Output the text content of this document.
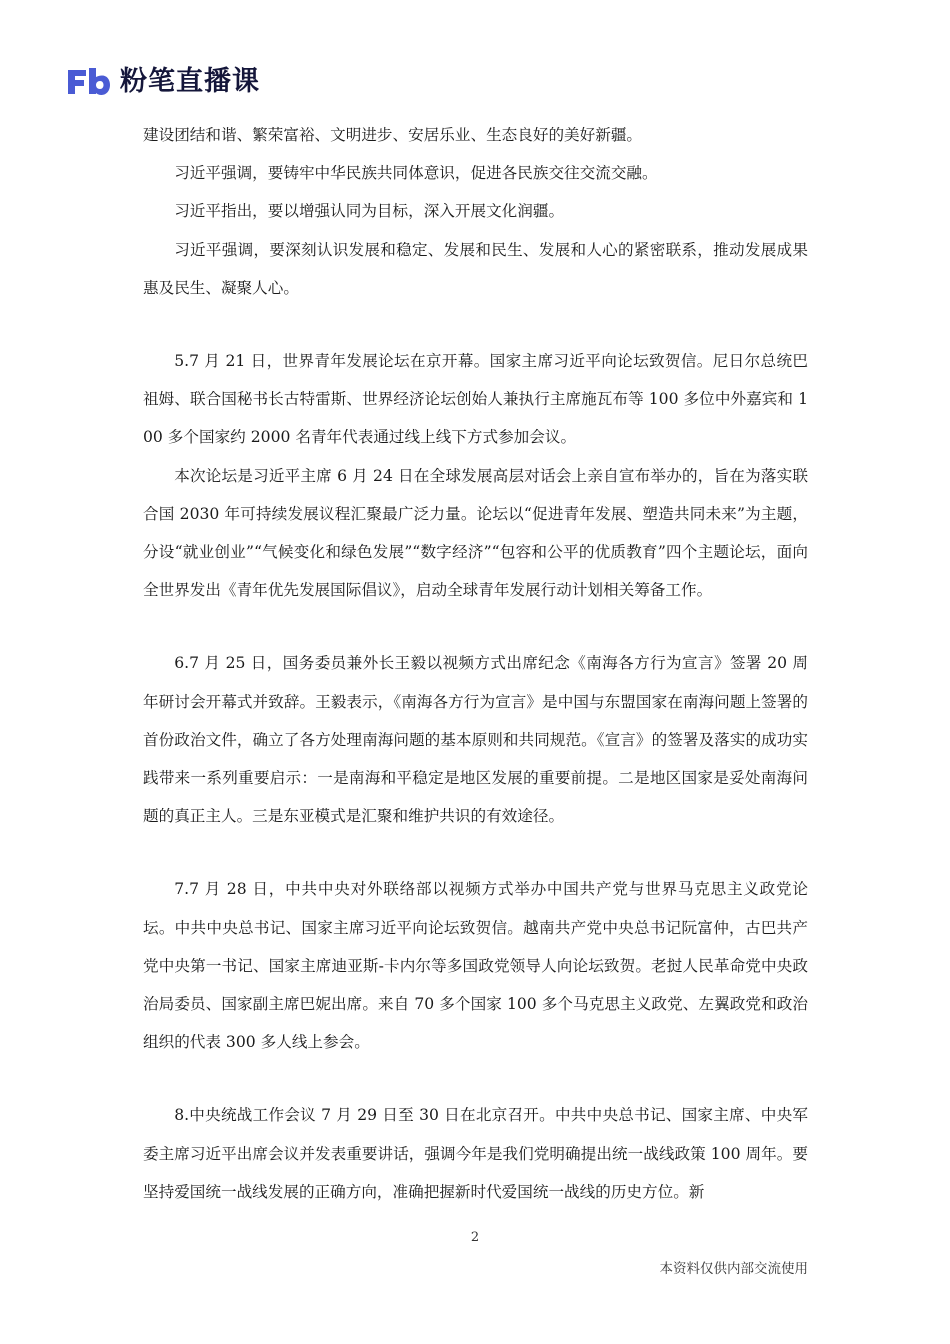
粉笔直播课

建设团结和谐、繁荣富裕、文明进步、安居乐业、生态良好的美好新疆。

习近平强调，要铸牢中华民族共同体意识，促进各民族交往交流交融。

习近平指出，要以增强认同为目标，深入开展文化润疆。

习近平强调，要深刻认识发展和稳定、发展和民生、发展和人心的紧密联系，推动发展成果惠及民生、凝聚人心。

5.7 月 21 日，世界青年发展论坛在京开幕。国家主席习近平向论坛致贺信。尼日尔总统巴祖姆、联合国秘书长古特雷斯、世界经济论坛创始人兼执行主席施瓦布等 100 多位中外嘉宾和 100 多个国家约 2000 名青年代表通过线上线下方式参加会议。

本次论坛是习近平主席 6 月 24 日在全球发展高层对话会上亲自宣布举办的，旨在为落实联合国 2030 年可持续发展议程汇聚最广泛力量。论坛以“促进青年发展、塑造共同未来”为主题，分设“就业创业”“气候变化和绿色发展”“数字经济”“包容和公平的优质教育”四个主题论坛，面向全世界发出《青年优先发展国际倡议》，启动全球青年发展行动计划相关筹备工作。

6.7 月 25 日，国务委员兼外长王毅以视频方式出席纪念《南海各方行为宣言》签署 20 周年研讨会开幕式并致辞。王毅表示，《南海各方行为宣言》是中国与东盟国家在南海问题上签署的首份政治文件，确立了各方处理南海问题的基本原则和共同规范。《宣言》的签署及落实的成功实践带来一系列重要启示：一是南海和平稳定是地区发展的重要前提。二是地区国家是妥处南海问题的真正主人。三是东亚模式是汇聚和维护共识的有效途径。

7.7 月 28 日，中共中央对外联络部以视频方式举办中国共产党与世界马克思主义政党论坛。中共中央总书记、国家主席习近平向论坛致贺信。越南共产党中央总书记阮富仲，古巴共产党中央第一书记、国家主席迪亚斯-卡内尔等多国政党领导人向论坛致贺。老挝人民革命党中央政治局委员、国家副主席巴妮出席。来自 70 多个国家 100 多个马克思主义政党、左翼政党和政治组织的代表 300 多人线上参会。

8.中央统战工作会议 7 月 29 日至 30 日在北京召开。中共中央总书记、国家主席、中央军委主席习近平出席会议并发表重要讲话，强调今年是我们党明确提出统一战线政策 100 周年。要坚持爱国统一战线发展的正确方向，准确把握新时代爱国统一战线的历史方位。新

2
本资料仅供内部交流使用
